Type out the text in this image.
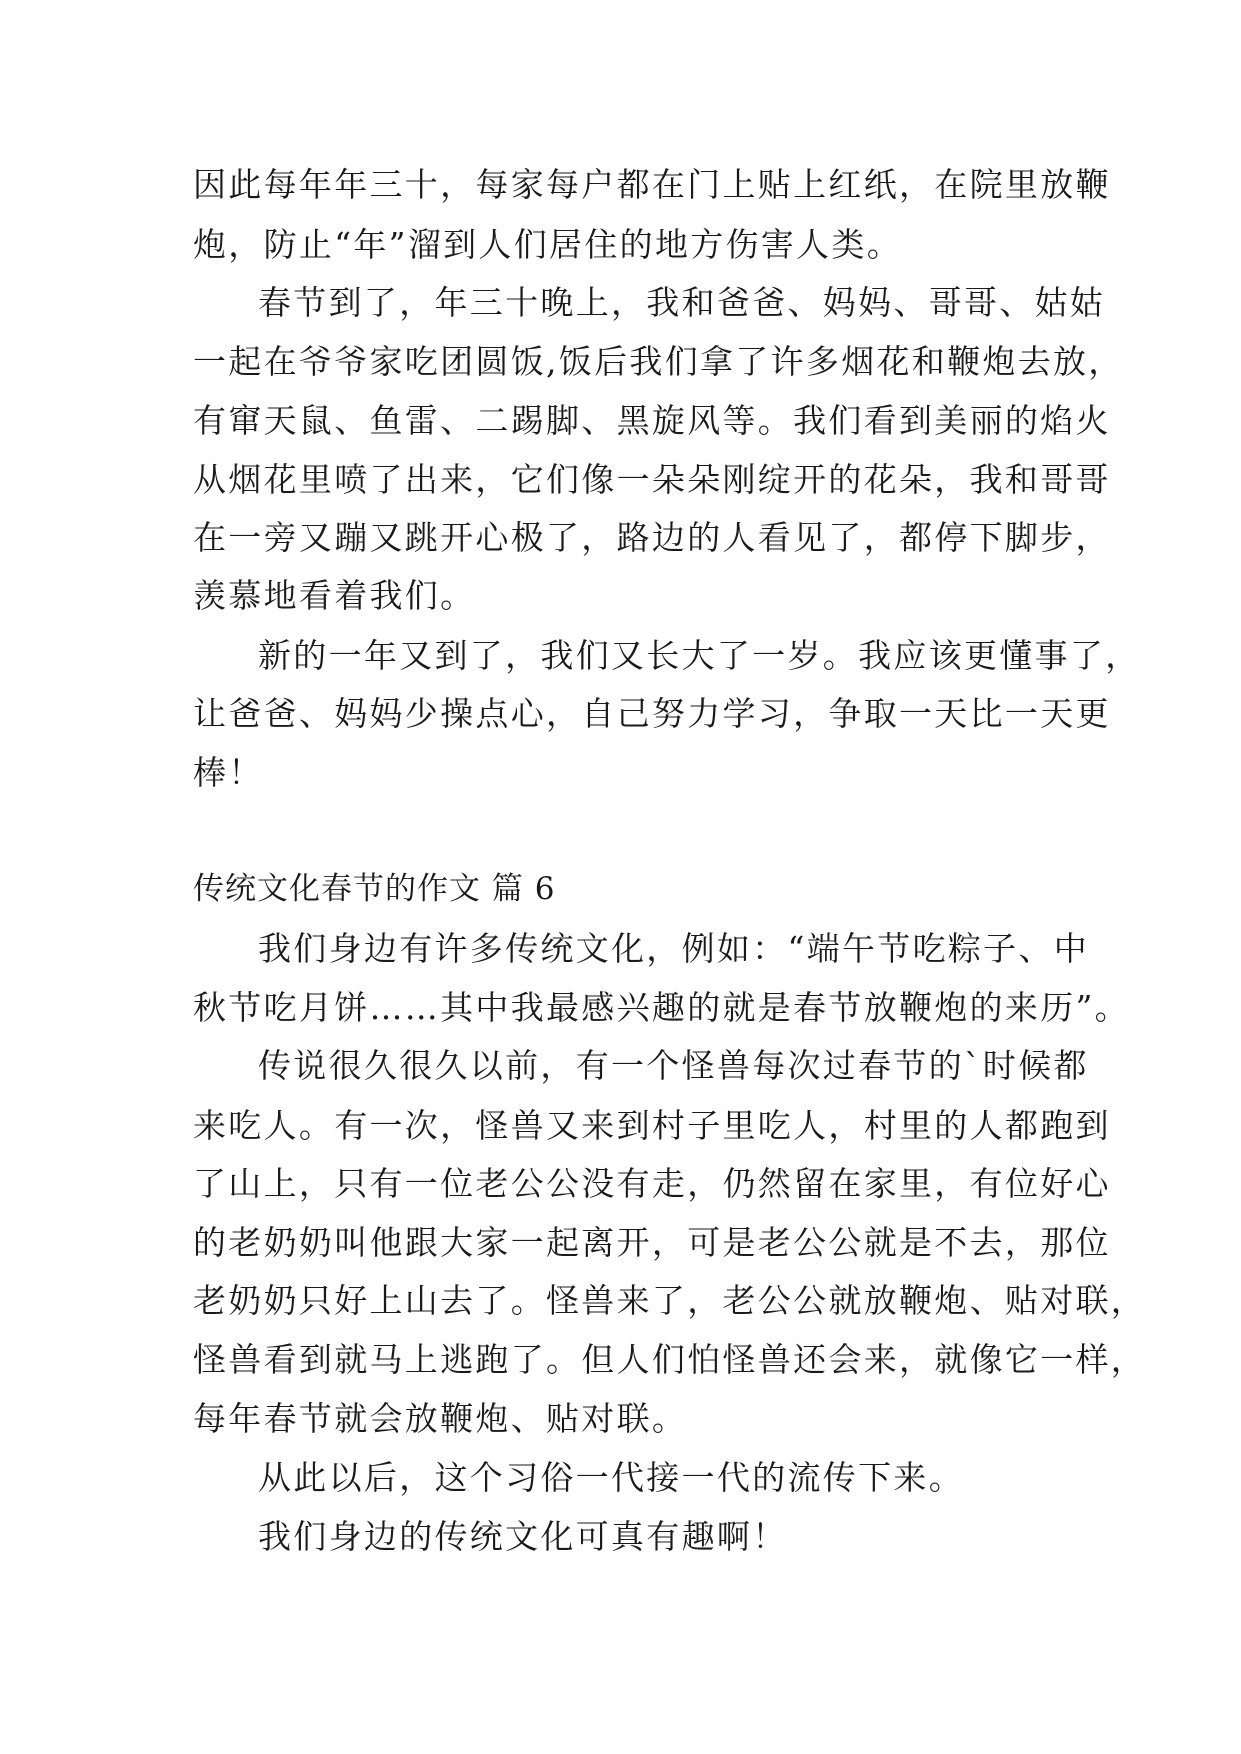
因此每年年三十，每家每户都在门上贴上红纸，在院里放鞭
炮，防止“年”溜到人们居住的地方伤害人类。
春节到了，年三十晚上，我和爸爸、妈妈、哥哥、姑姑
一起在爷爷家吃团圆饭,饭后我们拿了许多烟花和鞭炮去放，
有窜天鼠、鱼雷、二踢脚、黑旋风等。我们看到美丽的焰火
从烟花里喷了出来，它们像一朵朵刚绽开的花朵，我和哥哥
在一旁又蹦又跳开心极了，路边的人看见了，都停下脚步，
羡慕地看着我们。
新的一年又到了，我们又长大了一岁。我应该更懂事了，
让爸爸、妈妈少操点心，自己努力学习，争取一天比一天更
棒！
传统文化春节的作文 篇 6
我们身边有许多传统文化，例如：“端午节吃粽子、中
秋节吃月饼……其中我最感兴趣的就是春节放鞭炮的来历”。
传说很久很久以前，有一个怪兽每次过春节的`时候都
来吃人。有一次，怪兽又来到村子里吃人，村里的人都跑到
了山上，只有一位老公公没有走，仍然留在家里，有位好心
的老奶奶叫他跟大家一起离开，可是老公公就是不去，那位
老奶奶只好上山去了。怪兽来了，老公公就放鞭炮、贴对联，
怪兽看到就马上逃跑了。但人们怕怪兽还会来，就像它一样，
每年春节就会放鞭炮、贴对联。
从此以后，这个习俗一代接一代的流传下来。
我们身边的传统文化可真有趣啊！
